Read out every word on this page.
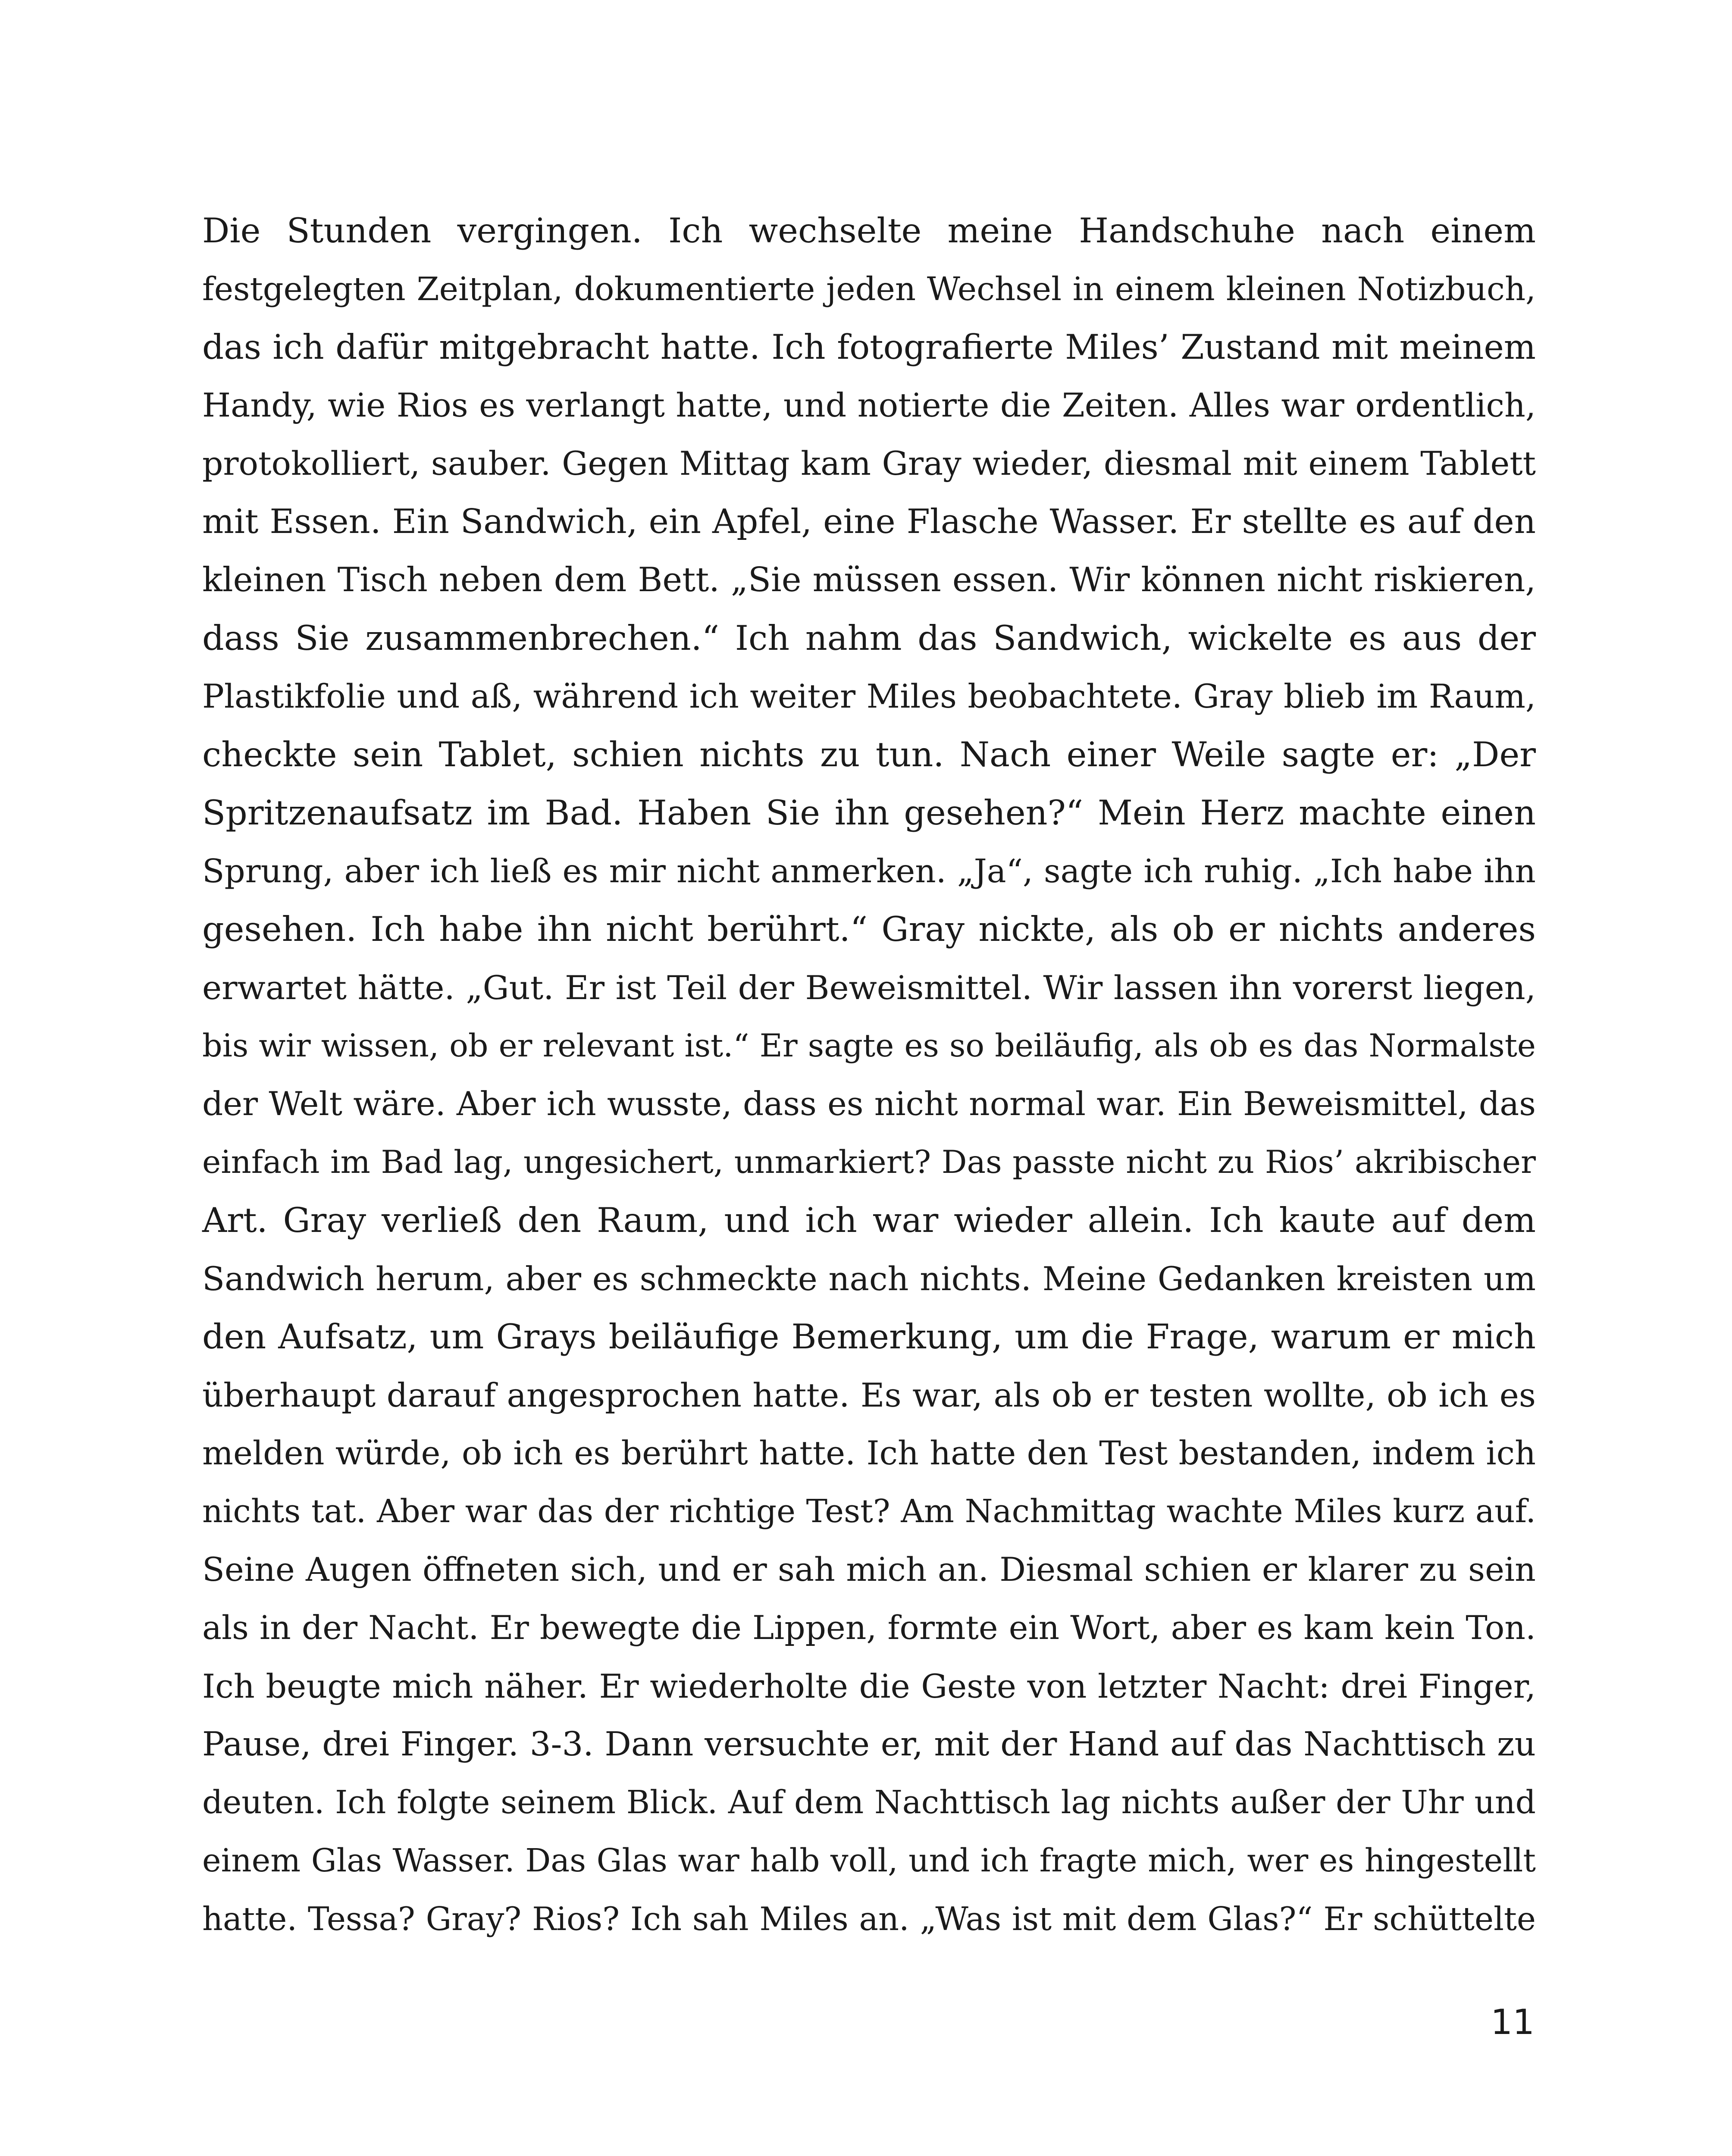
Die Stunden vergingen. Ich wechselte meine Handschuhe nach einem
festgelegten Zeitplan, dokumentierte jeden Wechsel in einem kleinen Notizbuch,
das ich dafür mitgebracht hatte. Ich fotografierte Miles’ Zustand mit meinem
Handy, wie Rios es verlangt hatte, und notierte die Zeiten. Alles war ordentlich,
protokolliert, sauber. Gegen Mittag kam Gray wieder, diesmal mit einem Tablett
mit Essen. Ein Sandwich, ein Apfel, eine Flasche Wasser. Er stellte es auf den
kleinen Tisch neben dem Bett. „Sie müssen essen. Wir können nicht riskieren,
dass Sie zusammenbrechen.“ Ich nahm das Sandwich, wickelte es aus der
Plastikfolie und aß, während ich weiter Miles beobachtete. Gray blieb im Raum,
checkte sein Tablet, schien nichts zu tun. Nach einer Weile sagte er: „Der
Spritzenaufsatz im Bad. Haben Sie ihn gesehen?“ Mein Herz machte einen
Sprung, aber ich ließ es mir nicht anmerken. „Ja“, sagte ich ruhig. „Ich habe ihn
gesehen. Ich habe ihn nicht berührt.“ Gray nickte, als ob er nichts anderes
erwartet hätte. „Gut. Er ist Teil der Beweismittel. Wir lassen ihn vorerst liegen,
bis wir wissen, ob er relevant ist.“ Er sagte es so beiläufig, als ob es das Normalste
der Welt wäre. Aber ich wusste, dass es nicht normal war. Ein Beweismittel, das
einfach im Bad lag, ungesichert, unmarkiert? Das passte nicht zu Rios’ akribischer
Art. Gray verließ den Raum, und ich war wieder allein. Ich kaute auf dem
Sandwich herum, aber es schmeckte nach nichts. Meine Gedanken kreisten um
den Aufsatz, um Grays beiläufige Bemerkung, um die Frage, warum er mich
überhaupt darauf angesprochen hatte. Es war, als ob er testen wollte, ob ich es
melden würde, ob ich es berührt hatte. Ich hatte den Test bestanden, indem ich
nichts tat. Aber war das der richtige Test? Am Nachmittag wachte Miles kurz auf.
Seine Augen öffneten sich, und er sah mich an. Diesmal schien er klarer zu sein
als in der Nacht. Er bewegte die Lippen, formte ein Wort, aber es kam kein Ton.
Ich beugte mich näher. Er wiederholte die Geste von letzter Nacht: drei Finger,
Pause, drei Finger. 3-3. Dann versuchte er, mit der Hand auf das Nachttisch zu
deuten. Ich folgte seinem Blick. Auf dem Nachttisch lag nichts außer der Uhr und
einem Glas Wasser. Das Glas war halb voll, und ich fragte mich, wer es hingestellt
hatte. Tessa? Gray? Rios? Ich sah Miles an. „Was ist mit dem Glas?“ Er schüttelte
11
